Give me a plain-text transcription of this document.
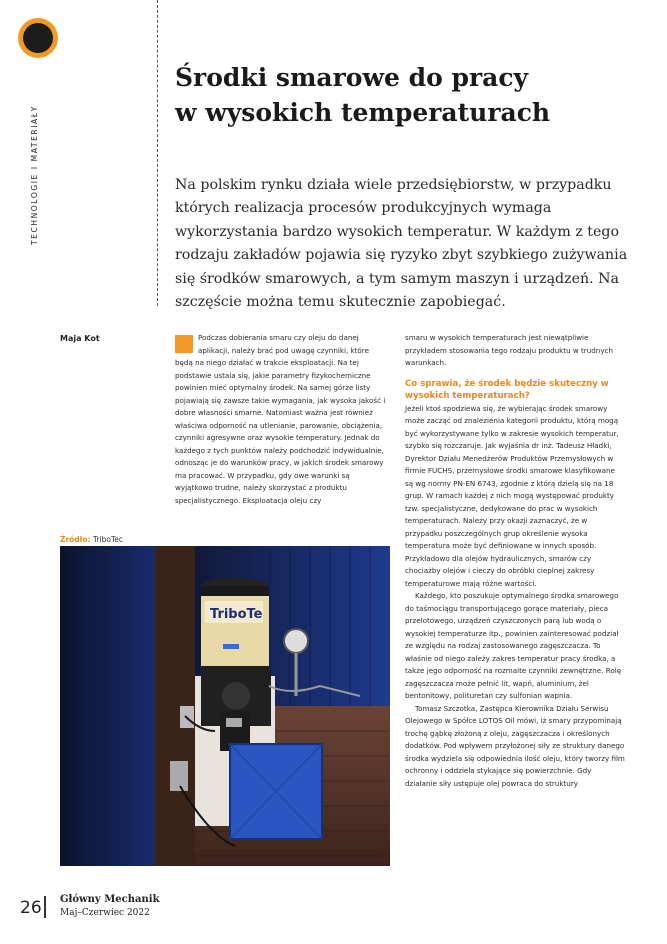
TECHNOLOGIE I MATERIAŁY
Środki smarowe do pracy
w wysokich temperaturach

Na polskim rynku działa wiele przedsiębiorstw, w przypadku których realizacja procesów produkcyjnych wymaga wykorzystania bardzo wysokich temperatur. W każdym z tego rodzaju zakładów pojawia się ryzyko zbyt szybkiego zużywania się środków smarowych, a tym samym maszyn i urządzeń. Na szczęście można temu skutecznie zapobiegać.

Maja Kot	Podczas dobierania smaru czy oleju do danej aplikacji, należy brać pod uwagę czynniki, które będą na niego działać w trakcie eksploatacji. Na tej podstawie ustala się, jakie parametry fizykochemiczne powinien mieć optymalny środek. Na samej górze listy pojawiają się zawsze takie wymagania, jak wysoka jakość i dobre własności smarne. Natomiast ważna jest również właściwa odporność na utlenianie, parowanie, obciążenia, czynniki agresywne oraz wysokie temperatury. Jednak do każdego z tych punktów należy podchodzić indywidualnie, odnosząc je do warunków pracy, w jakich środek smarowy ma pracować. W przypadku, gdy owe warunki są wyjątkowo trudne, należy skorzystać z produktu specjalistycznego. Eksploatacja oleju czy

smaru w wysokich temperaturach jest niewątpliwie przykładem stosowania tego rodzaju produktu w trudnych warunkach.

Co sprawia, że środek będzie skuteczny w wysokich temperaturach?

Jeżeli ktoś spodziewa się, że wybierając środek smarowy może zacząć od znalezienia kategorii produktu, którą mogą być wykorzystywane tylko w zakresie wysokich temperatur, szybko się rozczaruje. Jak wyjaśnia dr inż. Tadeusz Hładki, Dyrektor Działu Menedżerów Produktów Przemysłowych w firmie FUCHS, przemysłowe środki smarowe klasyfikowane są wg normy PN-EN 6743, zgodnie z którą dzielą się na 18 grup. W ramach każdej z nich mogą występować produkty tzw. specjalistyczne, dedykowane do prac w wysokich temperaturach. Należy przy okazji zaznaczyć, że w przypadku poszczególnych grup określenie wysoka temperatura może być definiowane w innych sposób. Przykładowo dla olejów hydraulicznych, smarów czy chociażby olejów i cieczy do obróbki cieplnej zakresy temperaturowe mają różne wartości.

Każdego, kto poszukuje optymalnego środka smarowego do taśmociągu transportującego gorące materiały, pieca przelotowego, urządzeń czyszczonych parą lub wodą o wysokiej temperaturze itp., powinien zainteresować podział ze względu na rodzaj zastosowanego zagęszczacza. To właśnie od niego zależy zakres temperatur pracy środka, a także jego odporność na rozmaite czynniki zewnętrzne. Rolę zagęszczacza może pełnić lit, wapń, aluminium, żel bentonitowy, polituretan czy sulfonian wapnia.

Tomasz Szczotka, Zastępca Kierownika Działu Serwisu Olejowego w Spółce LOTOS Oil mówi, iż smary przypominają trochę gąbkę złożoną z oleju, zagęszczacza i określonych dodatków. Pod wpływem przyłożonej siły ze struktury danego środka wydziela się odpowiednia ilość oleju, który tworzy film ochronny i oddziela stykające się powierzchnie. Gdy działanie siły ustępuje olej powraca do struktury

Źródło: TriboTec
TriboTe
26 Główny Mechanik
Maj–Czerwiec 2022
